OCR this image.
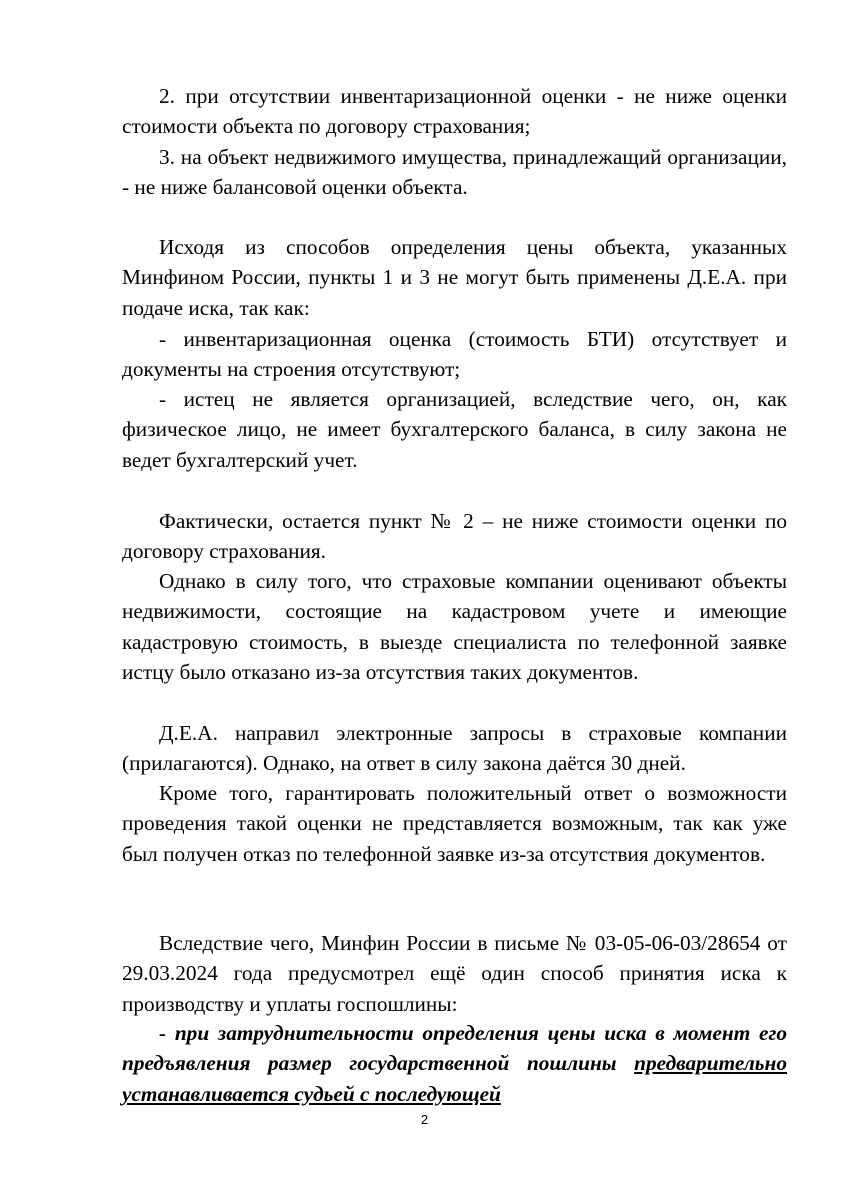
2. при отсутствии инвентаризационной оценки - не ниже оценки стоимости объекта по договору страхования;

3. на объект недвижимого имущества, принадлежащий организации, - не ниже балансовой оценки объекта.

Исходя из способов определения цены объекта, указанных Минфином России, пункты 1 и 3 не могут быть применены Д.Е.А. при подаче иска, так как:

- инвентаризационная оценка (стоимость БТИ) отсутствует и документы на строения отсутствуют;

- истец не является организацией, вследствие чего, он, как физическое лицо, не имеет бухгалтерского баланса, в силу закона не ведет бухгалтерский учет.

Фактически, остается пункт № 2 – не ниже стоимости оценки по договору страхования.

Однако в силу того, что страховые компании оценивают объекты недвижимости, состоящие на кадастровом учете и имеющие кадастровую стоимость, в выезде специалиста по телефонной заявке истцу было отказано из-за отсутствия таких документов.

Д.Е.А. направил электронные запросы в страховые компании (прилагаются). Однако, на ответ в силу закона даётся 30 дней.

Кроме того, гарантировать положительный ответ о возможности проведения такой оценки не представляется возможным, так как уже был получен отказ по телефонной заявке из-за отсутствия документов.

Вследствие чего, Минфин России в письме № 03-05-06-03/28654 от 29.03.2024 года предусмотрел ещё один способ принятия иска к производству и уплаты госпошлины:

- при затруднительности определения цены иска в момент его предъявления размер государственной пошлины предварительно устанавливается судьей с последующей

2
